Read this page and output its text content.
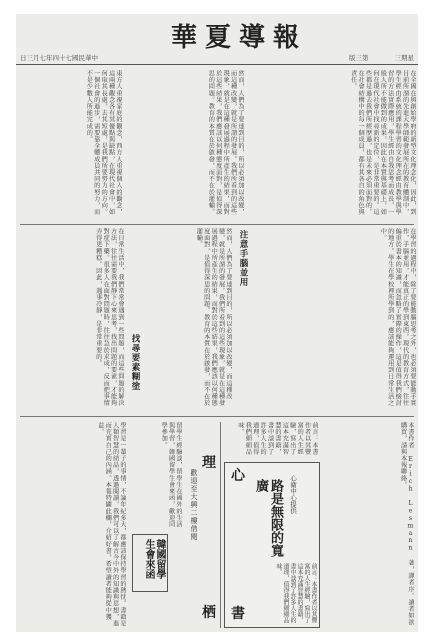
華夏導報
日三月七年四十七國民華中	版三第　　　　三期星
在全國在與創始學府的新型文化理念化，因此，到目前所謂的先進大學師範發展所在的教育體制中，學生經由系統的課程學習的文化理念經由教學與學習的方法實際應用，學生經由自我思考而成長，一般人所不能做到的成果，因此在本質與基礎上，如何在現代社會中找尋新的定位，是非常重要的。這些都是過去我們所經歷過，也是未來必須面對的。在社會結構中的每一個成員，都有其各自的角色與責任。
然而，人們為了要達到目的，所以必須加以改變，而這種改變，就是所謂的發展。我們所看到的這些現象，就是在這種發展過程中所產生的結果，而對於這些結果，我們應該以何種態度面對，是值得深思的問題。教育的本質在於啟發，而不在於灌輸。
東方人重視家庭的觀念，西方人重視個人的觀念，這兩種觀念各有其優點與缺點，在現代社會中，如何取其長處，去其短處，是我們所要努力的方向。一個社會的進步，需要靠全體成員共同的努力，而不是少數人所能完成的。
注意手腦並用	在學習的過程中，除了要能動腦思考之外，也必須要能動手實作，手腦並用，才能真正的學到東西。現代的教育方式，往往偏重於書本的知識，而忽略了實際的操作，這是值得我們檢討的地方。學生在學校裡所學到的，應該能夠運用到日常生活之中。
然而，人們為了要達到目的，所以必須加以改變，而這種改變，就是所謂的發展。我們所看到的這些現象，就是在這種發展過程中所產生的結果，而對於這些結果，我們應該以何種態度面對，是值得深思的問題。教育的本質在於啟發，而不在於灌輸。
找尋要素糊塗
在日常生活中，我們常常會遇到一些問題，而這些問題的解決方法，往往需要我們靜下心來思考，找出問題的要素，才能夠對症下藥。很多人在面對問題時，往往急於求成，反而把事情弄得更糟糕。因此，遇事冷靜，是非常重要的。
本書作者 Erich Lesmann 著，譯者序。讀者如欲購買，請與本報聯絡。
前言：本書作者以其豐富的人生經驗，寫出了這本充滿智慧的書籍，書中談到了許多人生的道理，值得我們細細品味。
心
路是無限的寬廣	心衛中心提供
前言：本書作者以其豐富的人生經驗，寫出了這本充滿智慧的書籍，書中談到了許多人生的道理，值得我們細細品味。
書
理
歡迎至大興二樓借閱
栖
學習是一輩子的事情，不論年紀多大，都應該保持學習的熱忱。書籍是人類智慧的結晶，透過閱讀，我們可以了解古今中外的知識與思想，進而充實自己的內涵。本報特闢此欄，介紹好書，希望讀者能夠從中獲益。
韓國留學生會來函
留學生經驗談，留學生在國外的生活與學習，韓國留學生會來函，歡迎同學參加。
